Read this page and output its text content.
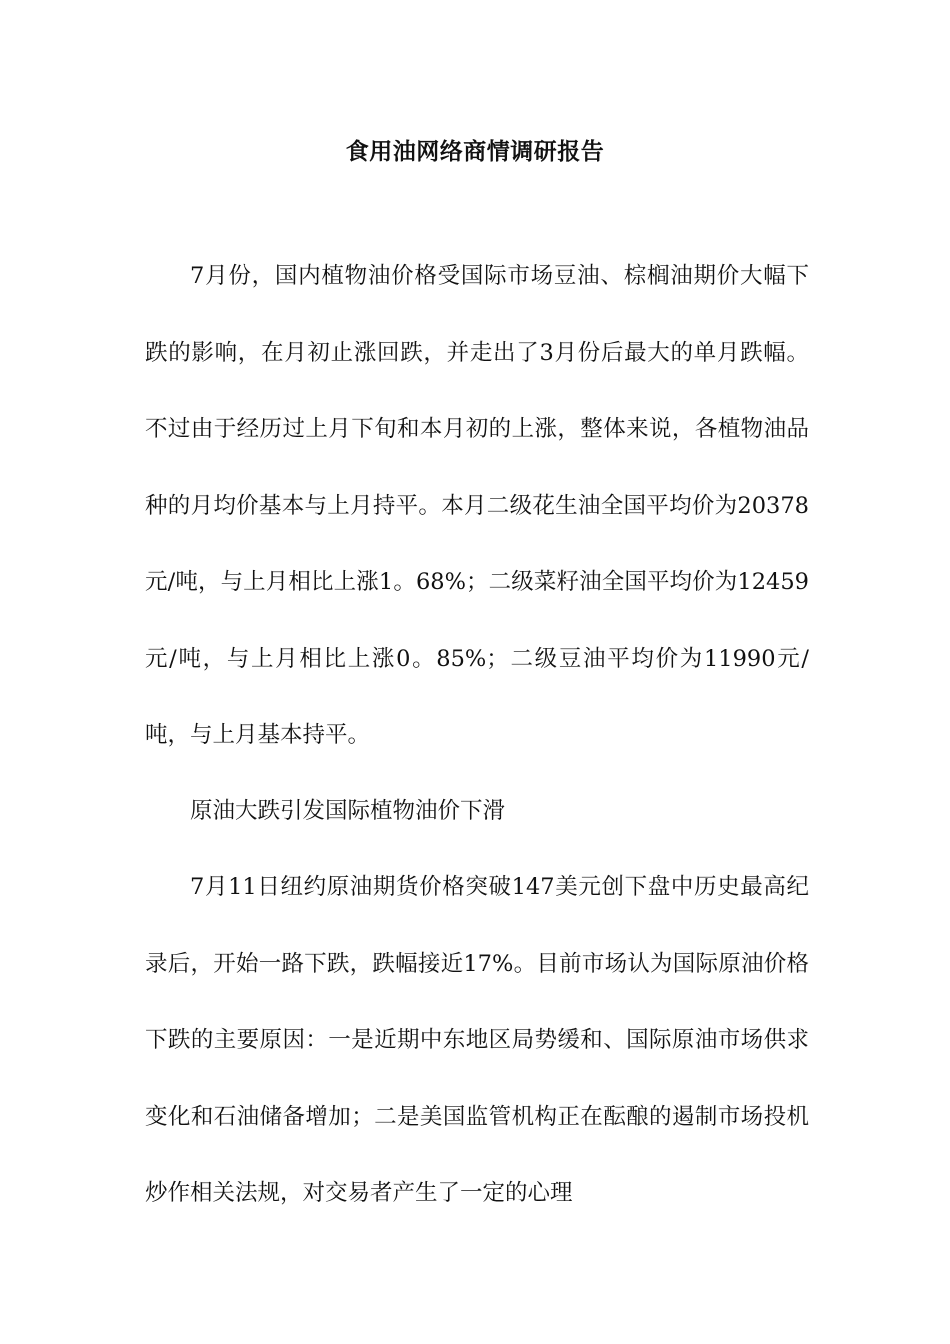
食用油网络商情调研报告

7月份，国内植物油价格受国际市场豆油、棕榈油期价大幅下跌的影响，在月初止涨回跌，并走出了3月份后最大的单月跌幅。不过由于经历过上月下旬和本月初的上涨，整体来说，各植物油品种的月均价基本与上月持平。本月二级花生油全国平均价为20378元/吨，与上月相比上涨1。68%；二级菜籽油全国平均价为12459元/吨，与上月相比上涨0。85%；二级豆油平均价为11990元/吨，与上月基本持平。

原油大跌引发国际植物油价下滑

7月11日纽约原油期货价格突破147美元创下盘中历史最高纪录后，开始一路下跌，跌幅接近17%。目前市场认为国际原油价格下跌的主要原因：一是近期中东地区局势缓和、国际原油市场供求变化和石油储备增加；二是美国监管机构正在酝酿的遏制市场投机炒作相关法规，对交易者产生了一定的心理
